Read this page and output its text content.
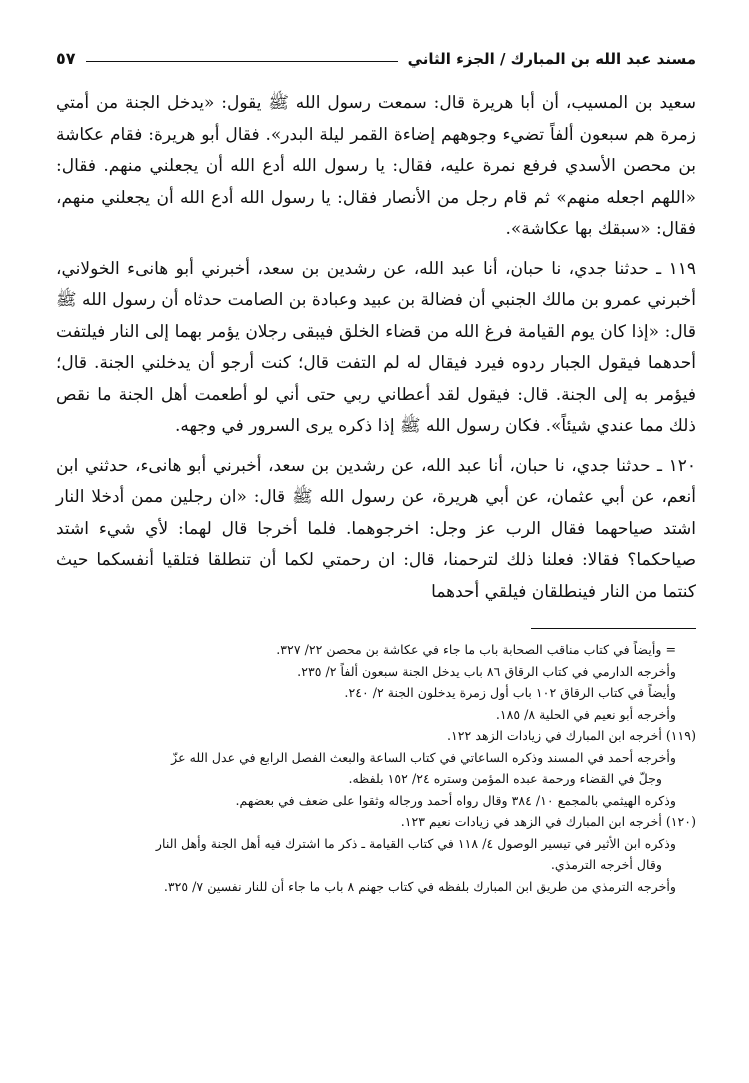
مسند عبد الله بن المبارك / الجزء الثاني
٥٧

سعيد بن المسيب، أن أبا هريرة قال: سمعت رسول الله ﷺ يقول: «يدخل الجنة من أمتي زمرة هم سبعون ألفاً تضيء وجوههم إضاءة القمر ليلة البدر». فقال أبو هريرة: فقام عكاشة بن محصن الأسدي فرفع نمرة عليه، فقال: يا رسول الله أدع الله أن يجعلني منهم. فقال: «اللهم اجعله منهم» ثم قام رجل من الأنصار فقال: يا رسول الله أدع الله أن يجعلني منهم، فقال: «سبقك بها عكاشة».

١١٩ ـ حدثنا جدي، نا حبان، أنا عبد الله، عن رشدين بن سعد، أخبرني أبو هانىء الخولاني، أخبرني عمرو بن مالك الجنبي أن فضالة بن عبيد وعبادة بن الصامت حدثاه أن رسول الله ﷺ قال: «إذا كان يوم القيامة فرغ الله من قضاء الخلق فيبقى رجلان يؤمر بهما إلى النار فيلتفت أحدهما فيقول الجبار ردوه فيرد فيقال له لم التفت قال؛ كنت أرجو أن يدخلني الجنة. قال؛ فيؤمر به إلى الجنة. قال: فيقول لقد أعطاني ربي حتى أني لو أطعمت أهل الجنة ما نقص ذلك مما عندي شيئاً». فكان رسول الله ﷺ إذا ذكره يرى السرور في وجهه.

١٢٠ ـ حدثنا جدي، نا حبان، أنا عبد الله، عن رشدين بن سعد، أخبرني أبو هانىء، حدثني ابن أنعم، عن أبي عثمان، عن أبي هريرة، عن رسول الله ﷺ قال: «ان رجلين ممن أدخلا النار اشتد صياحهما فقال الرب عز وجل: اخرجوهما. فلما أخرجا قال لهما: لأي شيء اشتد صياحكما؟ فقالا: فعلنا ذلك لترحمنا، قال: ان رحمتي لكما أن تنطلقا فتلقيا أنفسكما حيث كنتما من النار فينطلقان فيلقي أحدهما

= وأيضاً في كتاب مناقب الصحابة باب ما جاء في عكاشة بن محصن ٢٢/ ٣٢٧.

وأخرجه الدارمي في كتاب الرقاق ٨٦ باب يدخل الجنة سبعون ألفاً ٢/ ٢٣٥.

وأيضاً في كتاب الرقاق ١٠٢ باب أول زمرة يدخلون الجنة ٢/ ٢٤٠.

وأخرجه أبو نعيم في الحلية ٨/ ١٨٥.

(١١٩) أخرجه ابن المبارك في زيادات الزهد ١٢٢.

وأخرجه أحمد في المسند وذكره الساعاتي في كتاب الساعة والبعث الفصل الرابع في عدل الله عزّ

وجلّ في القضاء ورحمة عبده المؤمن وستره ٢٤/ ١٥٢ بلفظه.

وذكره الهيثمي بالمجمع ١٠/ ٣٨٤ وقال رواه أحمد ورجاله وثقوا على ضعف في بعضهم.

(١٢٠) أخرجه ابن المبارك في الزهد في زيادات نعيم ١٢٣.

وذكره ابن الأثير في تيسير الوصول ٤/ ١١٨ في كتاب القيامة ـ ذكر ما اشترك فيه أهل الجنة وأهل النار

وقال أخرجه الترمذي.

وأخرجه الترمذي من طريق ابن المبارك بلفظه في كتاب جهنم ٨ باب ما جاء أن للنار نفسين ٧/ ٣٢٥.
